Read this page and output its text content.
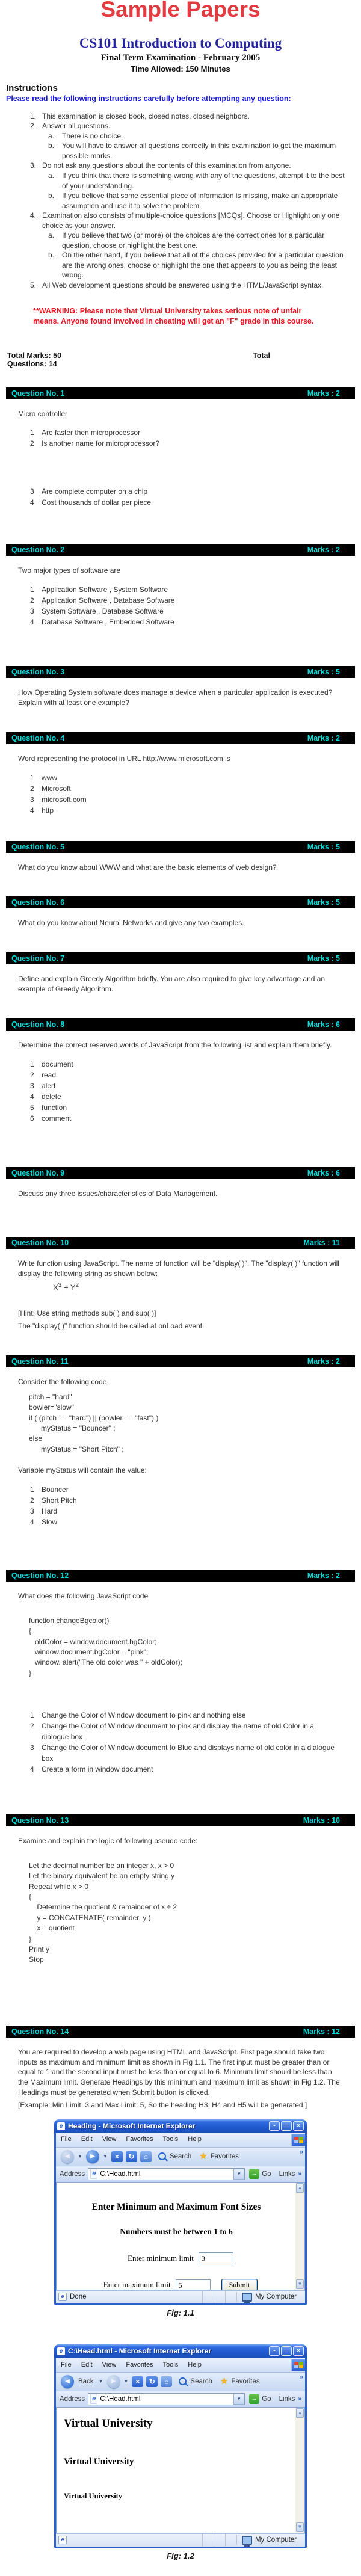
Sample Papers
CS101 Introduction to Computing
Final Term Examination - February 2005
Time Allowed: 150 Minutes
Instructions
Please read the following instructions carefully before attempting any question:
1. This examination is closed book, closed notes, closed neighbors.
2. Answer all questions.
a.	There is no choice.
b.	You will have to answer all questions correctly in this examination to get the maximum possible marks.
3. Do not ask any questions about the contents of this examination from anyone.
a.	If you think that there is something wrong with any of the questions, attempt it to the best of your understanding.
b.	If you believe that some essential piece of information is missing, make an appropriate assumption and use it to solve the problem.
4. Examination also consists of multiple-choice questions [MCQs]. Choose or Highlight only one choice as your answer.
a.	If you believe that two (or more) of the choices are the correct ones for a particular question, choose or highlight the best one.
b.	On the other hand, if you believe that all of the choices provided for a particular question are the wrong ones, choose or highlight the one that appears to you as being the least wrong.
5. All Web development questions should be answered using the HTML/JavaScript syntax.
**WARNING: Please note that Virtual University takes serious note of unfair means. Anyone found involved in cheating will get an "F" grade in this course.
Total Marks: 50
Questions: 14
Total
Question No. 1	Marks : 2
Micro controller
1	Are faster then microprocessor
2	Is another name for microprocessor?
3	Are complete computer on a chip
4	Cost thousands of dollar per piece
Question No. 2	Marks : 2
Two major types of software are
1	Application Software , System Software
2	Application Software , Database Software
3	System Software , Database Software
4	Database Software , Embedded Software
Question No. 3	Marks : 5
How Operating System software does manage a device when a particular application is executed? Explain with at least one example?
Question No. 4	Marks : 2
Word representing the protocol in URL http://www.microsoft.com is
1	www
2	Microsoft
3	microsoft.com
4	http
Question No. 5	Marks : 5
What do you know about WWW and what are the basic elements of web design?
Question No. 6	Marks : 5
What do you know about Neural Networks and give any two examples.
Question No. 7	Marks : 5
Define and explain Greedy Algorithm briefly. You are also required to give key advantage and an example of Greedy Algorithm.
Question No. 8	Marks : 6
Determine the correct reserved words of JavaScript from the following list and explain them briefly.
1	document
2	read
3	alert
4	delete
5	function
6	comment
Question No. 9	Marks : 6
Discuss any three issues/characteristics of Data Management.
Question No. 10	Marks : 11
Write function using JavaScript. The name of function will be "display( )". The "display( )" function will display the following string as shown below:
$X^3 + Y^2$
[Hint: Use string methods sub( ) and sup( )]
The "display( )" function should be called at onLoad event.
Question No. 11	Marks : 2
Consider the following code
pitch = "hard"
bowler="slow"
if ( (pitch == "hard") || (bowler == "fast") )
myStatus = "Bouncer" ;
else
myStatus = "Short Pitch" ;
Variable myStatus will contain the value:
1	Bouncer
2	Short Pitch
3	Hard
4	Slow
Question No. 12	Marks : 2
What does the following JavaScript code
function changeBgcolor()
{
oldColor = window.document.bgColor;
window.document.bgColor = "pink";
window. alert("The old color was " + oldColor);
}
1	Change the Color of Window document to pink and nothing else
2	Change the Color of Window document to pink and display the name of old Color in a dialogue box
3	Change the Color of Window document to Blue and displays name of old color in a dialogue box
4	Create a form in window document
Question No. 13	Marks : 10
Examine and explain the logic of following pseudo code:
Let the decimal number be an integer x, x > 0
Let the binary equivalent be an empty string y
Repeat while x > 0
{
Determine the quotient & remainder of x ÷ 2
y = CONCATENATE( remainder, y )
x = quotient
}
Print y
Stop
Question No. 14	Marks : 12
You are required to develop a web page using HTML and JavaScript. First page should take two inputs as maximum and minimum limit as shown in Fig 1.1. The first input must be greater than or equal to 1 and the second input must be less than or equal to 6. Minimum limit should be less than the Maximum limit. Generate Headings by this minimum and maximum limit as shown in Fig 1.2. The Headings must be generated when Submit button is clicked.
[Example: Min Limit: 3 and Max Limit: 5, So the heading H3, H4 and H5 will be generated.]
e Heading - Microsoft Internet Explorer	-	□	×
File Edit View Favorites Tools Help
◀	▼	▶	▼ ×	↻	⌂	Search ★ Favorites
»
Address e C:\Head.html	▼	→ Go Links »
Enter Minimum and Maximum Font Sizes
Numbers must be between 1 to 6
Enter minimum limit	3
Enter maximum limit	5	Submit
▲
▼
e Done	My Computer
Fig: 1.1
e C:\Head.html - Microsoft Internet Explorer	-	□	×
File Edit View Favorites Tools Help
◀	Back ▼	▶	▼ ×	↻	⌂	Search ★ Favorites
»
Address e C:\Head.html	▼	→ Go Links »
Virtual University
Virtual University
Virtual University
▲
▼
e	My Computer
Fig: 1.2
